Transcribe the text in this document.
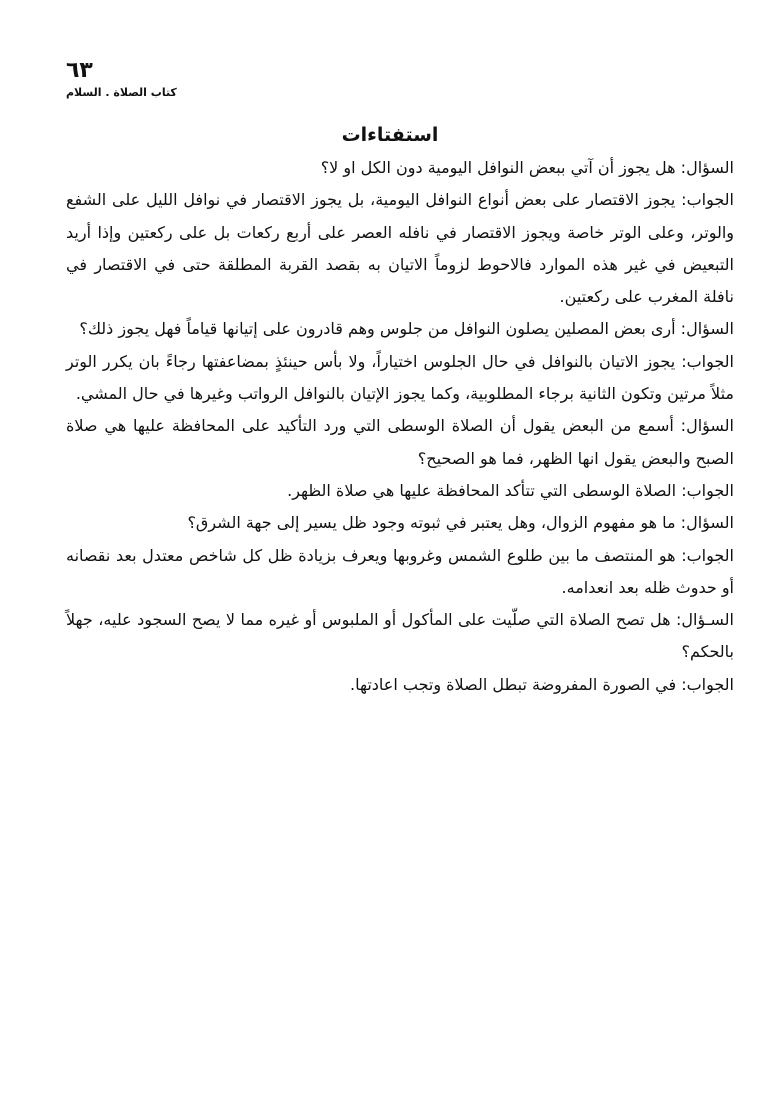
٦٣
كتاب الصلاة . السلام
استفتاءات

السؤال: هل يجوز أن آتي ببعض النوافل اليومية دون الكل او لا؟

الجواب: يجوز الاقتصار على بعض أنواع النوافل اليومية، بل يجوز الاقتصار في نوافل الليل على الشفع والوتر، وعلى الوتر خاصة ويجوز الاقتصار في نافله العصر على أربع ركعات بل على ركعتين وإذا أريد التبعيض في غير هذه الموارد فالاحوط لزوماً الاتيان به بقصد القربة المطلقة حتى في الاقتصار في نافلة المغرب على ركعتين.

السؤال: أرى بعض المصلين يصلون النوافل من جلوس وهم قادرون على إتيانها قياماً فهل يجوز ذلك؟

الجواب: يجوز الاتيان بالنوافل في حال الجلوس اختياراً، ولا بأس حينئذٍ بمضاعفتها رجاءً بان يكرر الوتر مثلاً مرتين وتكون الثانية برجاء المطلوبية، وكما يجوز الإتيان بالنوافل الرواتب وغيرها في حال المشي.

السؤال: أسمع من البعض يقول أن الصلاة الوسطى التي ورد التأكيد على المحافظة عليها هي صلاة الصبح والبعض يقول انها الظهر، فما هو الصحيح؟

الجواب: الصلاة الوسطى التي تتأكد المحافظة عليها هي صلاة الظهر.

السؤال: ما هو مفهوم الزوال، وهل يعتبر في ثبوته وجود ظل يسير إلى جهة الشرق؟

الجواب: هو المنتصف ما بين طلوع الشمس وغروبها ويعرف بزيادة ظل كل شاخص معتدل بعد نقصانه أو حدوث ظله بعد انعدامه.

السـؤال: هل تصح الصلاة التي صلّيت على المأكول أو الملبوس أو غيره مما لا يصح السجود عليه، جهلاً بالحكم؟

الجواب: في الصورة المفروضة تبطل الصلاة وتجب اعادتها.
